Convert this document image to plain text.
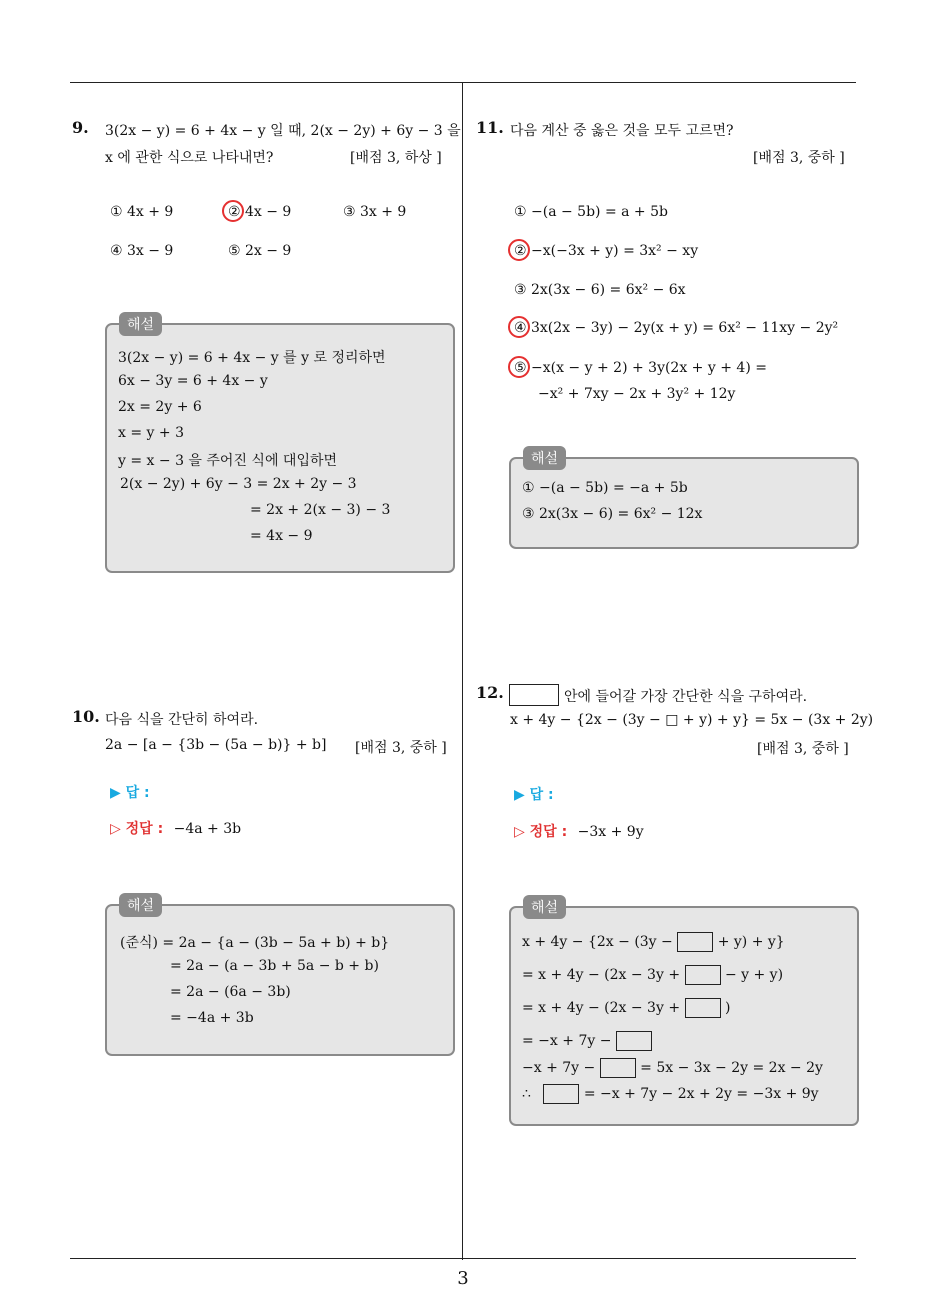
3
9. 3(2x − y) = 6 + 4x − y 일 때, 2(x − 2y) + 6y − 3 을
x 에 관한 식으로 나타내면?	[배점 3, 하상 ]
① 4x + 9	② 4x − 9	③ 3x + 9
④ 3x − 9	⑤ 2x − 9
해설
3(2x − y) = 6 + 4x − y 를 y 로 정리하면
6x − 3y = 6 + 4x − y
2x = 2y + 6
x = y + 3
y = x − 3 을 주어진 식에 대입하면
2(x − 2y) + 6y − 3 = 2x + 2y − 3
= 2x + 2(x − 3) − 3
= 4x − 9
10. 다음 식을 간단히 하여라.
2a − [a − {3b − (5a − b)} + b] [배점 3, 중하 ]
▶ 답 :
▷ 정답 : −4a + 3b
해설
(준식) = 2a − {a − (3b − 5a + b) + b}
= 2a − (a − 3b + 5a − b + b)
= 2a − (6a − 3b)
= −4a + 3b
11. 다음 계산 중 옳은 것을 모두 고르면?
[배점 3, 중하 ]
① −(a − 5b) = a + 5b
② −x(−3x + y) = 3x² − xy
③ 2x(3x − 6) = 6x² − 6x
④ 3x(2x − 3y) − 2y(x + y) = 6x² − 11xy − 2y²
⑤ −x(x − y + 2) + 3y(2x + y + 4) =
−x² + 7xy − 2x + 3y² + 12y
해설
① −(a − 5b) = −a + 5b
③ 2x(3x − 6) = 6x² − 12x
12.	안에 들어갈 가장 간단한 식을 구하여라.
x + 4y − {2x − (3y − □ + y) + y} = 5x − (3x + 2y)
[배점 3, 중하 ]
▶ 답 :
▷ 정답 : −3x + 9y
해설
x + 4y − {2x − (3y −	+ y) + y}
= x + 4y − (2x − 3y +	− y + y)
= x + 4y − (2x − 3y +	)
= −x + 7y −
−x + 7y −	= 5x − 3x − 2y = 2x − 2y
∴	= −x + 7y − 2x + 2y = −3x + 9y
